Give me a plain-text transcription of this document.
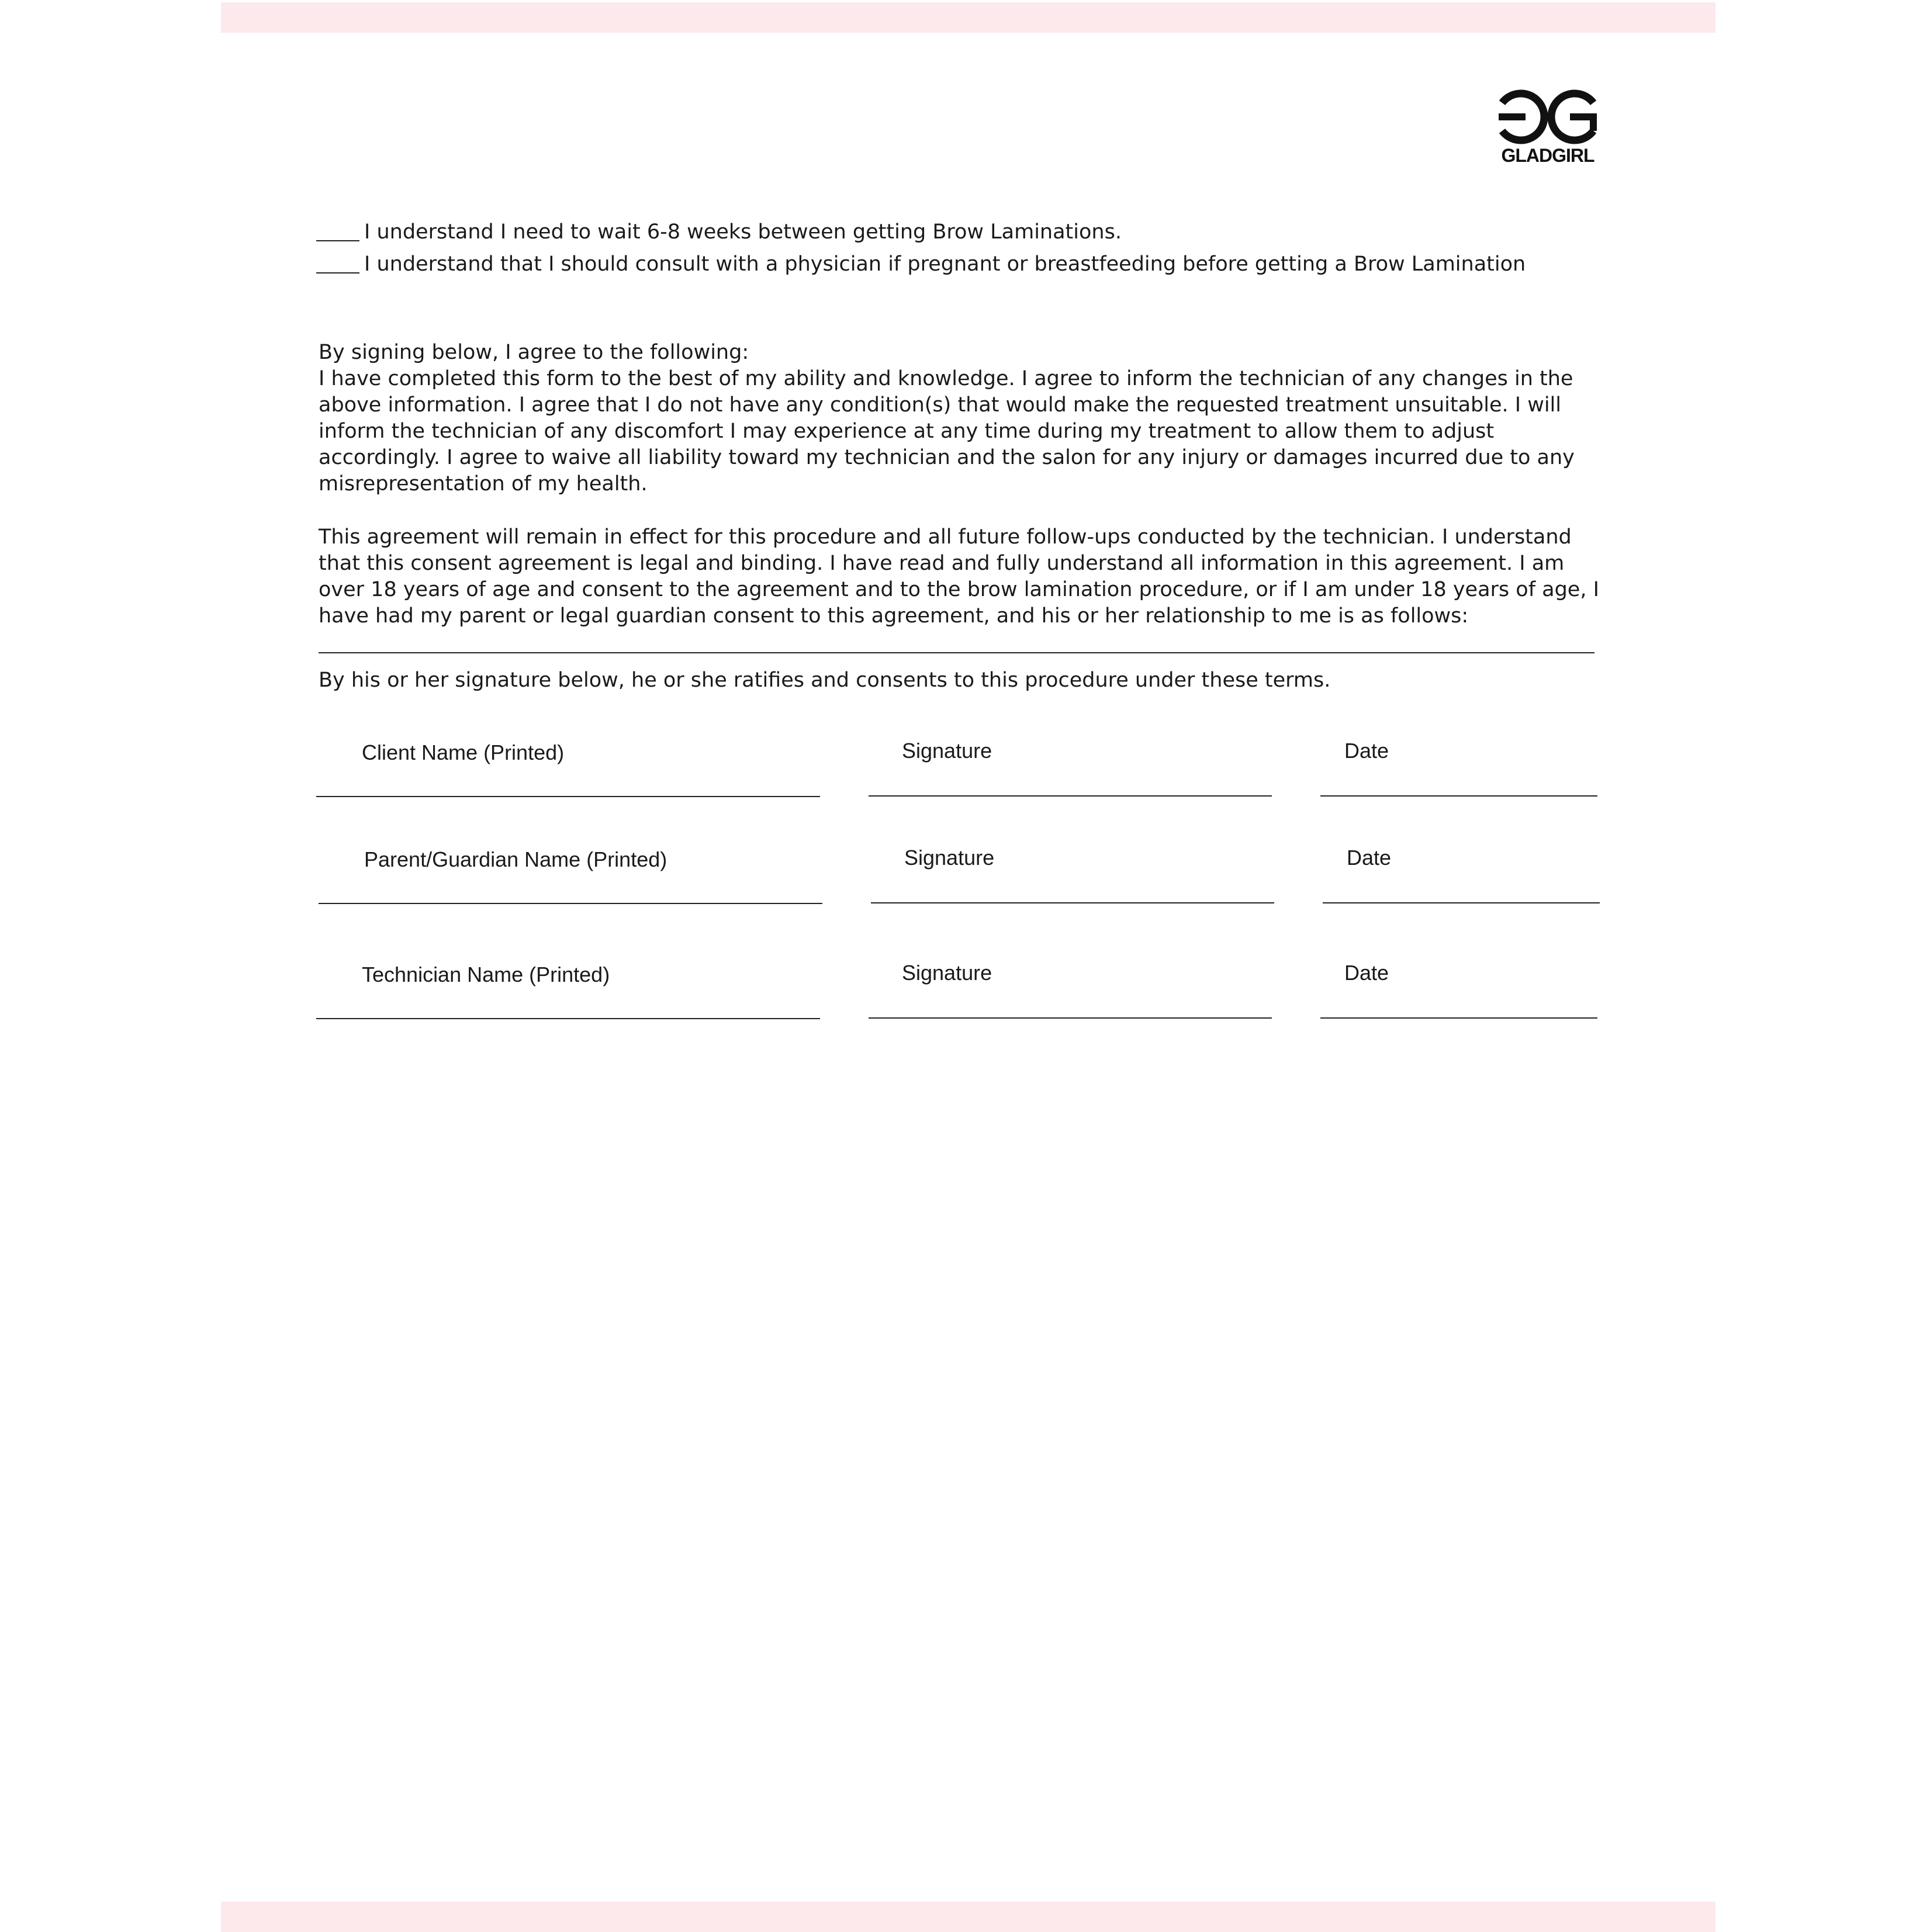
GLADGIRL
I understand I need to wait 6-8 weeks between getting Brow Laminations.
I understand that I should consult with a physician if pregnant or breastfeeding before getting a Brow Lamination
By signing below, I agree to the following:
I have completed this form to the best of my ability and knowledge. I agree to inform the technician of any changes in the above information. I agree that I do not have any condition(s) that would make the requested treatment unsuitable. I will inform the technician of any discomfort I may experience at any time during my treatment to allow them to adjust accordingly. I agree to waive all liability toward my technician and the salon for any injury or damages incurred due to any misrepresentation of my health.
This agreement will remain in effect for this procedure and all future follow-ups conducted by the technician. I understand that this consent agreement is legal and binding. I have read and fully understand all information in this agreement. I am over 18 years of age and consent to the agreement and to the brow lamination procedure, or if I am under 18 years of age, I have had my parent or legal guardian consent to this agreement, and his or her relationship to me is as follows:
By his or her signature below, he or she ratifies and consents to this procedure under these terms.
Client Name (Printed)	Signature	Date
Parent/Guardian Name (Printed)	Signature	Date
Technician Name (Printed)	Signature	Date
